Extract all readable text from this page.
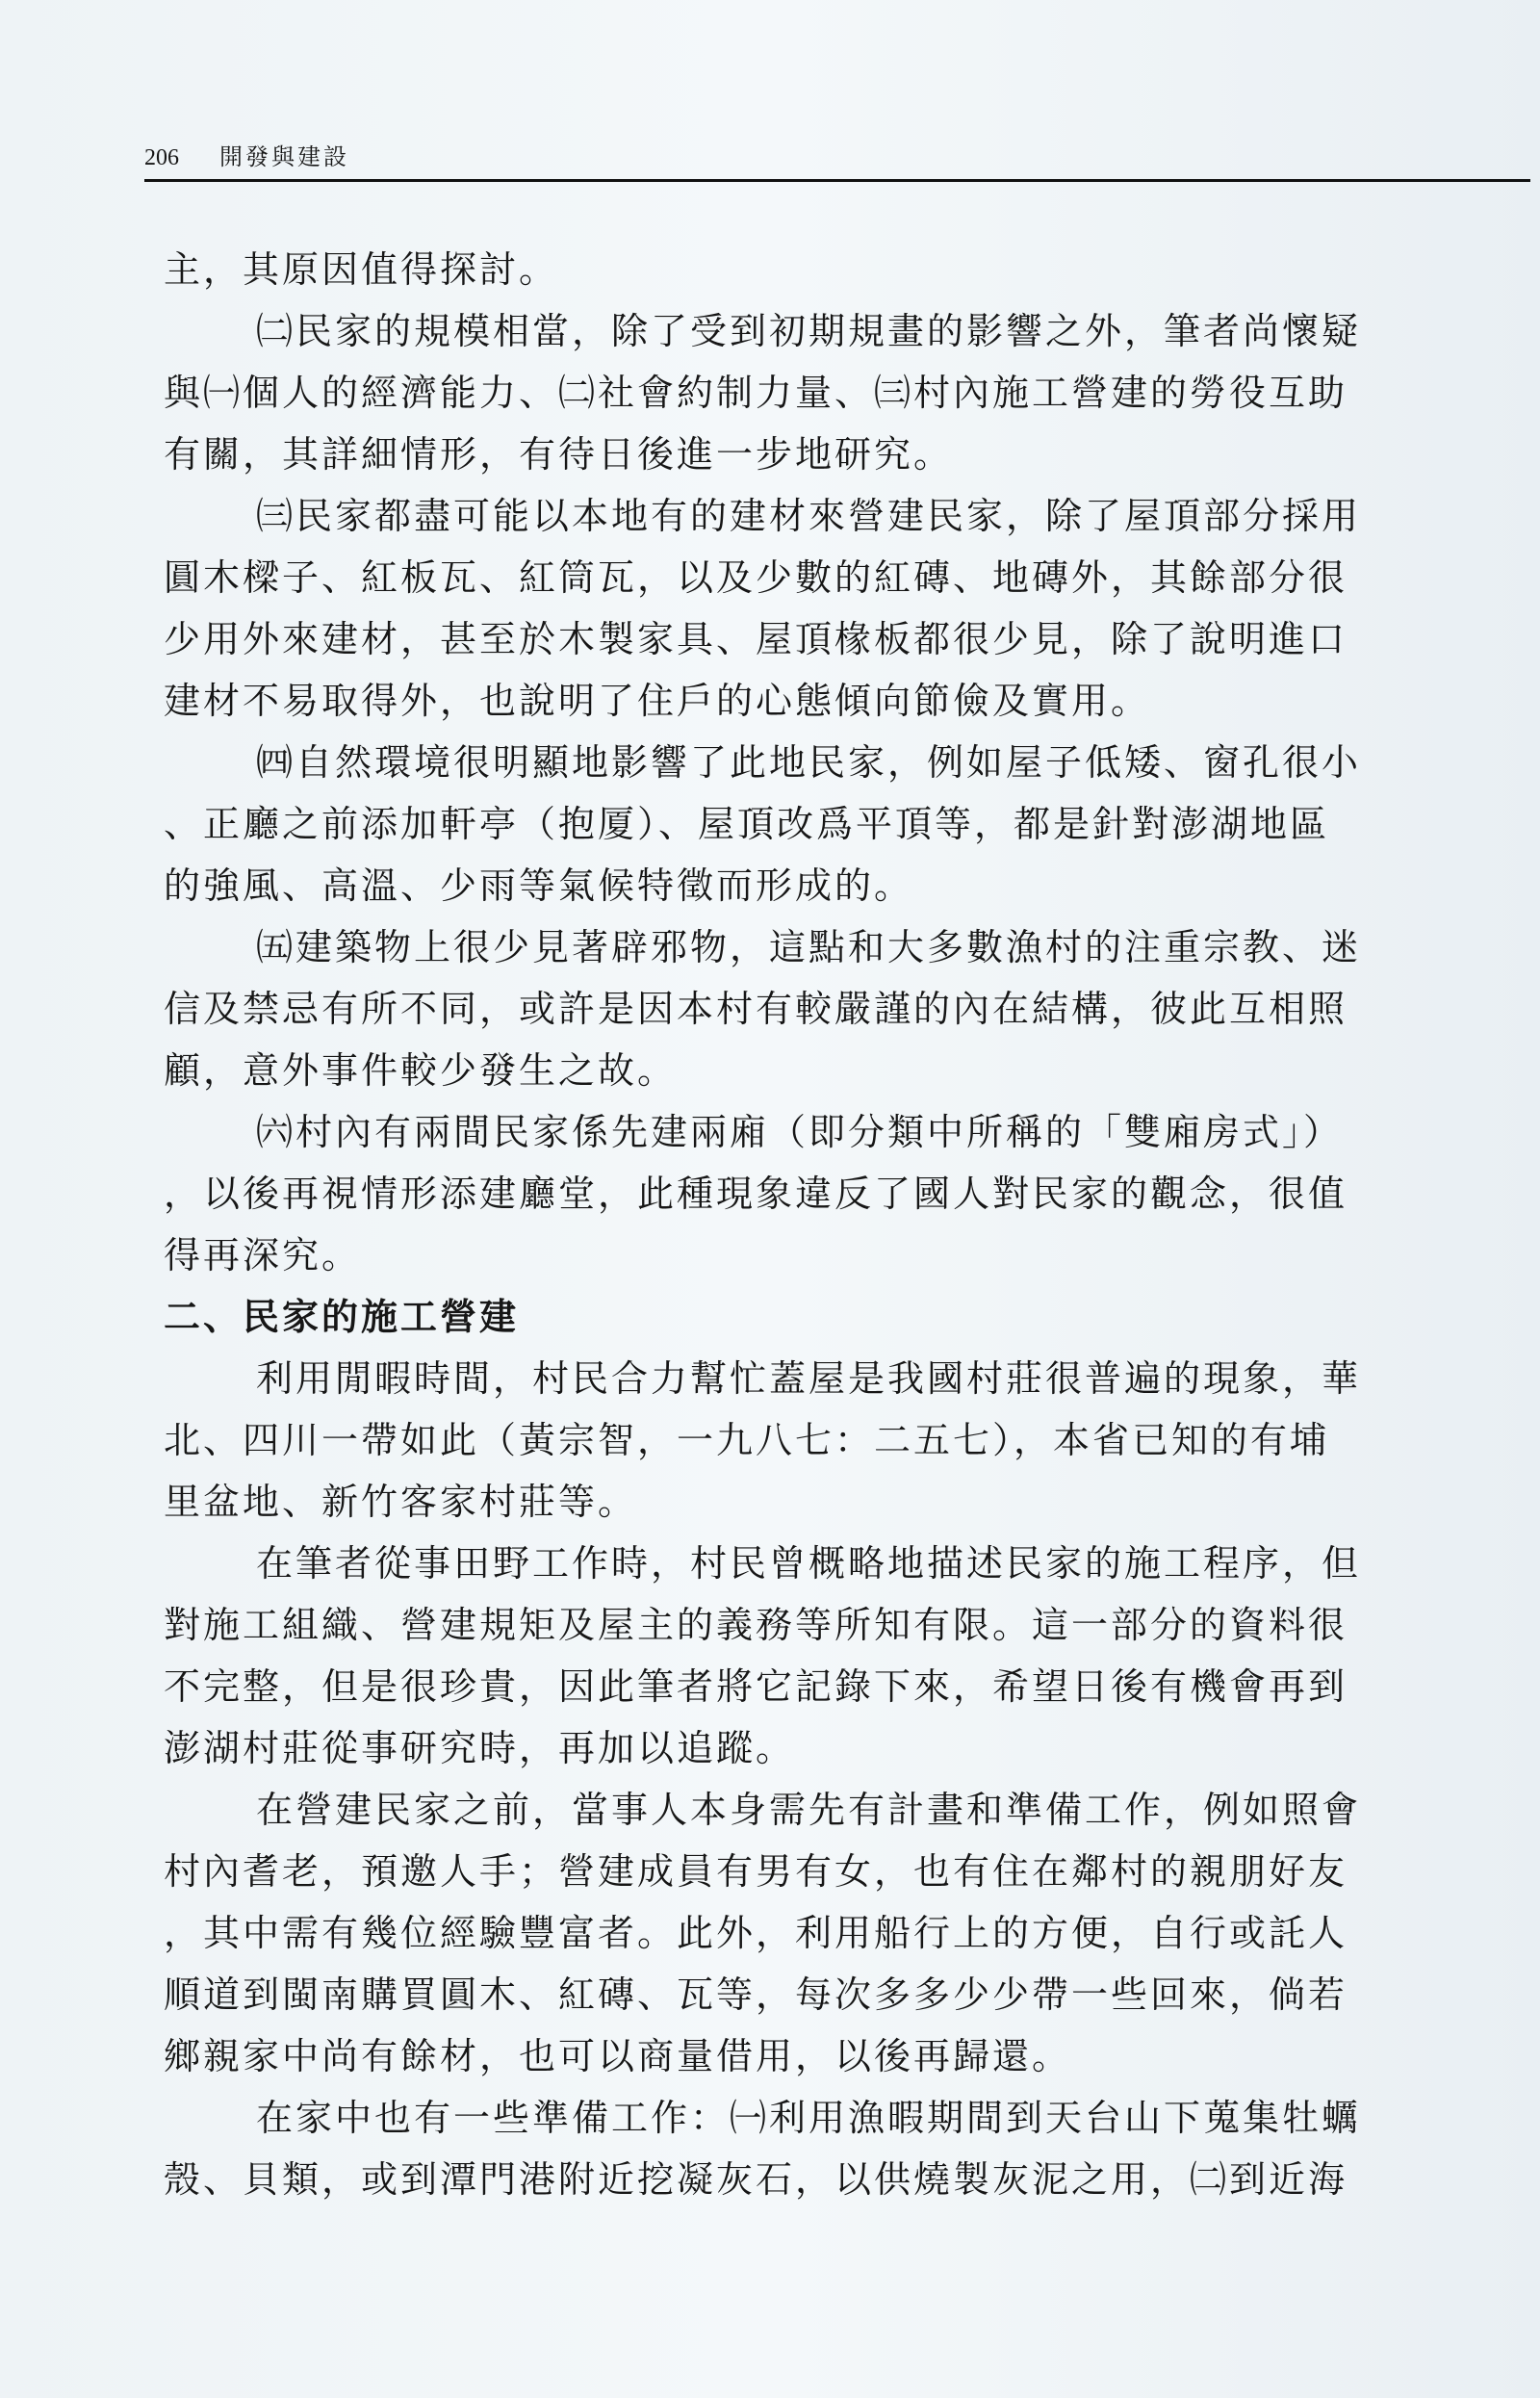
206 開發與建設
主，其原因值得探討。
㈡民家的規模相當，除了受到初期規畫的影響之外，筆者尚懷疑
與㈠個人的經濟能力、㈡社會約制力量、㈢村內施工營建的勞役互助
有關，其詳細情形，有待日後進一步地研究。
㈢民家都盡可能以本地有的建材來營建民家，除了屋頂部分採用
圓木樑子、紅板瓦、紅筒瓦，以及少數的紅磚、地磚外，其餘部分很
少用外來建材，甚至於木製家具、屋頂椽板都很少見，除了說明進口
建材不易取得外，也說明了住戶的心態傾向節儉及實用。
㈣自然環境很明顯地影響了此地民家，例如屋子低矮、窗孔很小
、正廳之前添加軒亭（抱厦）、屋頂改爲平頂等，都是針對澎湖地區
的強風、高溫、少雨等氣候特徵而形成的。
㈤建築物上很少見著辟邪物，這點和大多數漁村的注重宗教、迷
信及禁忌有所不同，或許是因本村有較嚴謹的內在結構，彼此互相照
顧，意外事件較少發生之故。
㈥村內有兩間民家係先建兩廂（即分類中所稱的「雙廂房式」）
，以後再視情形添建廳堂，此種現象違反了國人對民家的觀念，很值
得再深究。
二、民家的施工營建
利用閒暇時間，村民合力幫忙蓋屋是我國村莊很普遍的現象，華
北、四川一帶如此（黃宗智，一九八七：二五七），本省已知的有埔
里盆地、新竹客家村莊等。
在筆者從事田野工作時，村民曾概略地描述民家的施工程序，但
對施工組織、營建規矩及屋主的義務等所知有限。這一部分的資料很
不完整，但是很珍貴，因此筆者將它記錄下來，希望日後有機會再到
澎湖村莊從事研究時，再加以追蹤。
在營建民家之前，當事人本身需先有計畫和準備工作，例如照會
村內耆老，預邀人手；營建成員有男有女，也有住在鄰村的親朋好友
，其中需有幾位經驗豐富者。此外，利用船行上的方便，自行或託人
順道到閩南購買圓木、紅磚、瓦等，每次多多少少帶一些回來，倘若
鄉親家中尚有餘材，也可以商量借用，以後再歸還。
在家中也有一些準備工作：㈠利用漁暇期間到天台山下蒐集牡蠣
殼、貝類，或到潭門港附近挖凝灰石，以供燒製灰泥之用，㈡到近海
